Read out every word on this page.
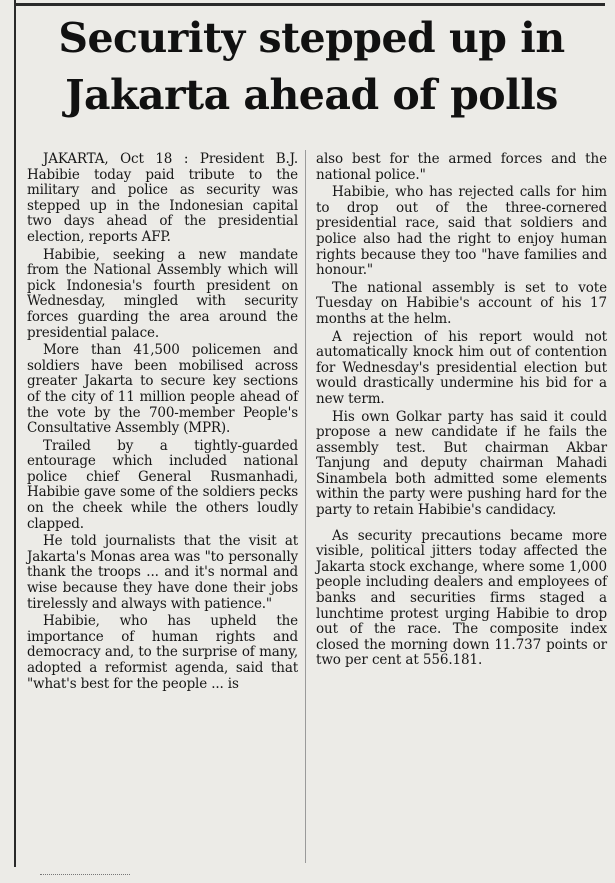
Security stepped up in
Jakarta ahead of polls

JAKARTA, Oct 18 : President B.J. Habibie today paid tribute to the military and police as security was stepped up in the Indonesian capital two days ahead of the presidential election, reports AFP.

Habibie, seeking a new mandate from the National Assembly which will pick Indonesia's fourth president on Wednesday, mingled with security forces guarding the area around the presidential palace.

More than 41,500 policemen and soldiers have been mobilised across greater Jakarta to secure key sections of the city of 11 million people ahead of the vote by the 700-member People's Consultative Assembly (MPR).

Trailed by a tightly-guarded entourage which included national police chief General Rusmanhadi, Habibie gave some of the soldiers pecks on the cheek while the others loudly clapped.

He told journalists that the visit at Jakarta's Monas area was "to personally thank the troops ... and it's normal and wise because they have done their jobs tirelessly and always with patience."

Habibie, who has upheld the importance of human rights and democracy and, to the surprise of many, adopted a reformist agenda, said that "what's best for the people ... is

also best for the armed forces and the national police."

Habibie, who has rejected calls for him to drop out of the three-cornered presidential race, said that soldiers and police also had the right to enjoy human rights because they too "have families and honour."

The national assembly is set to vote Tuesday on Habibie's account of his 17 months at the helm.

A rejection of his report would not automatically knock him out of contention for Wednesday's presidential election but would drastically undermine his bid for a new term.

His own Golkar party has said it could propose a new candidate if he fails the assembly test. But chairman Akbar Tanjung and deputy chairman Mahadi Sinambela both admitted some elements within the party were pushing hard for the party to retain Habibie's candidacy.

As security precautions became more visible, political jitters today affected the Jakarta stock exchange, where some 1,000 people including dealers and employees of banks and securities firms staged a lunchtime protest urging Habibie to drop out of the race. The composite index closed the morning down 11.737 points or two per cent at 556.181.
